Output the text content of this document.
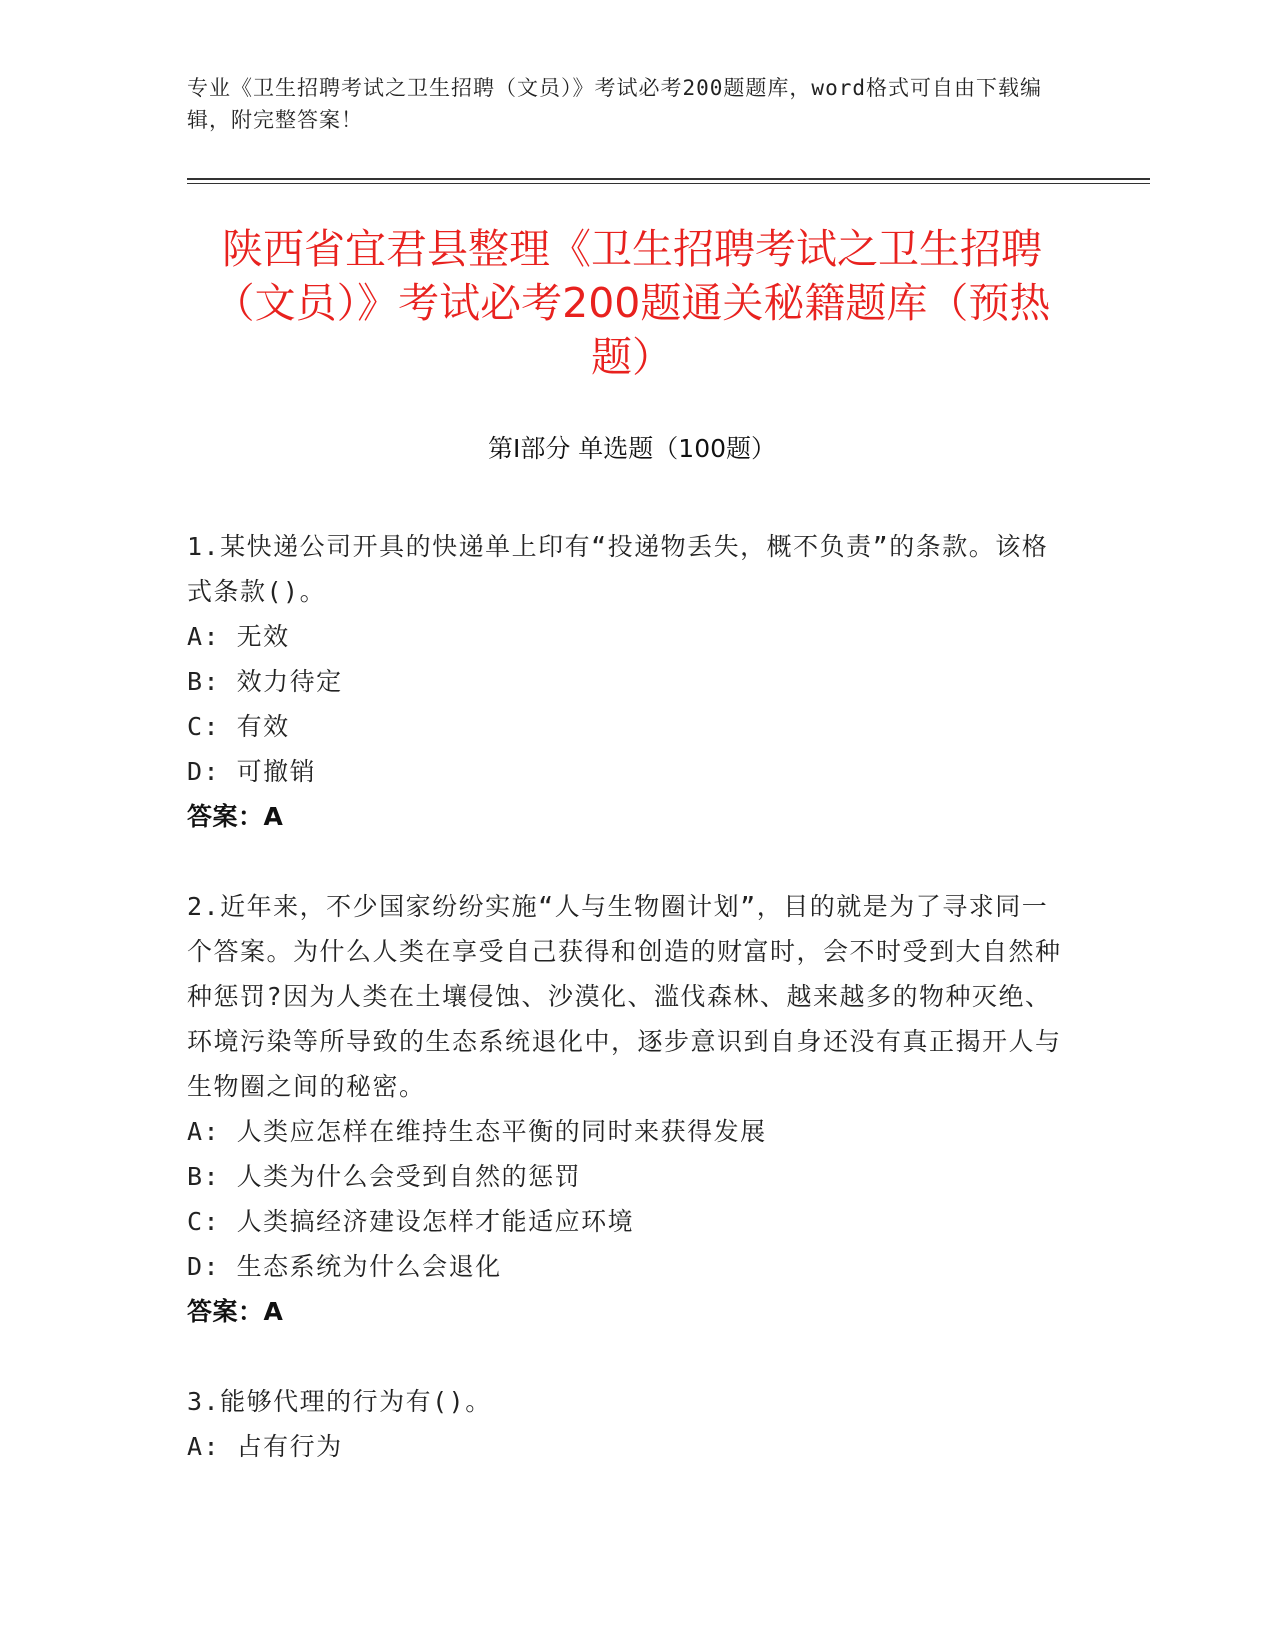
专业《卫生招聘考试之卫生招聘（文员）》考试必考200题题库，word格式可自由下载编辑，附完整答案！
陕西省宜君县整理《卫生招聘考试之卫生招聘（文员）》考试必考200题通关秘籍题库（预热题）
第I部分 单选题（100题）

1.某快递公司开具的快递单上印有“投递物丢失，概不负责”的条款。该格式条款()。

A: 无效

B: 效力待定

C: 有效

D: 可撤销

答案：A

2.近年来，不少国家纷纷实施“人与生物圈计划”，目的就是为了寻求同一个答案。为什么人类在享受自己获得和创造的财富时，会不时受到大自然种种惩罚?因为人类在土壤侵蚀、沙漠化、滥伐森林、越来越多的物种灭绝、环境污染等所导致的生态系统退化中，逐步意识到自身还没有真正揭开人与生物圈之间的秘密。

A: 人类应怎样在维持生态平衡的同时来获得发展

B: 人类为什么会受到自然的惩罚

C: 人类搞经济建设怎样才能适应环境

D: 生态系统为什么会退化

答案：A

3.能够代理的行为有()。

A: 占有行为
